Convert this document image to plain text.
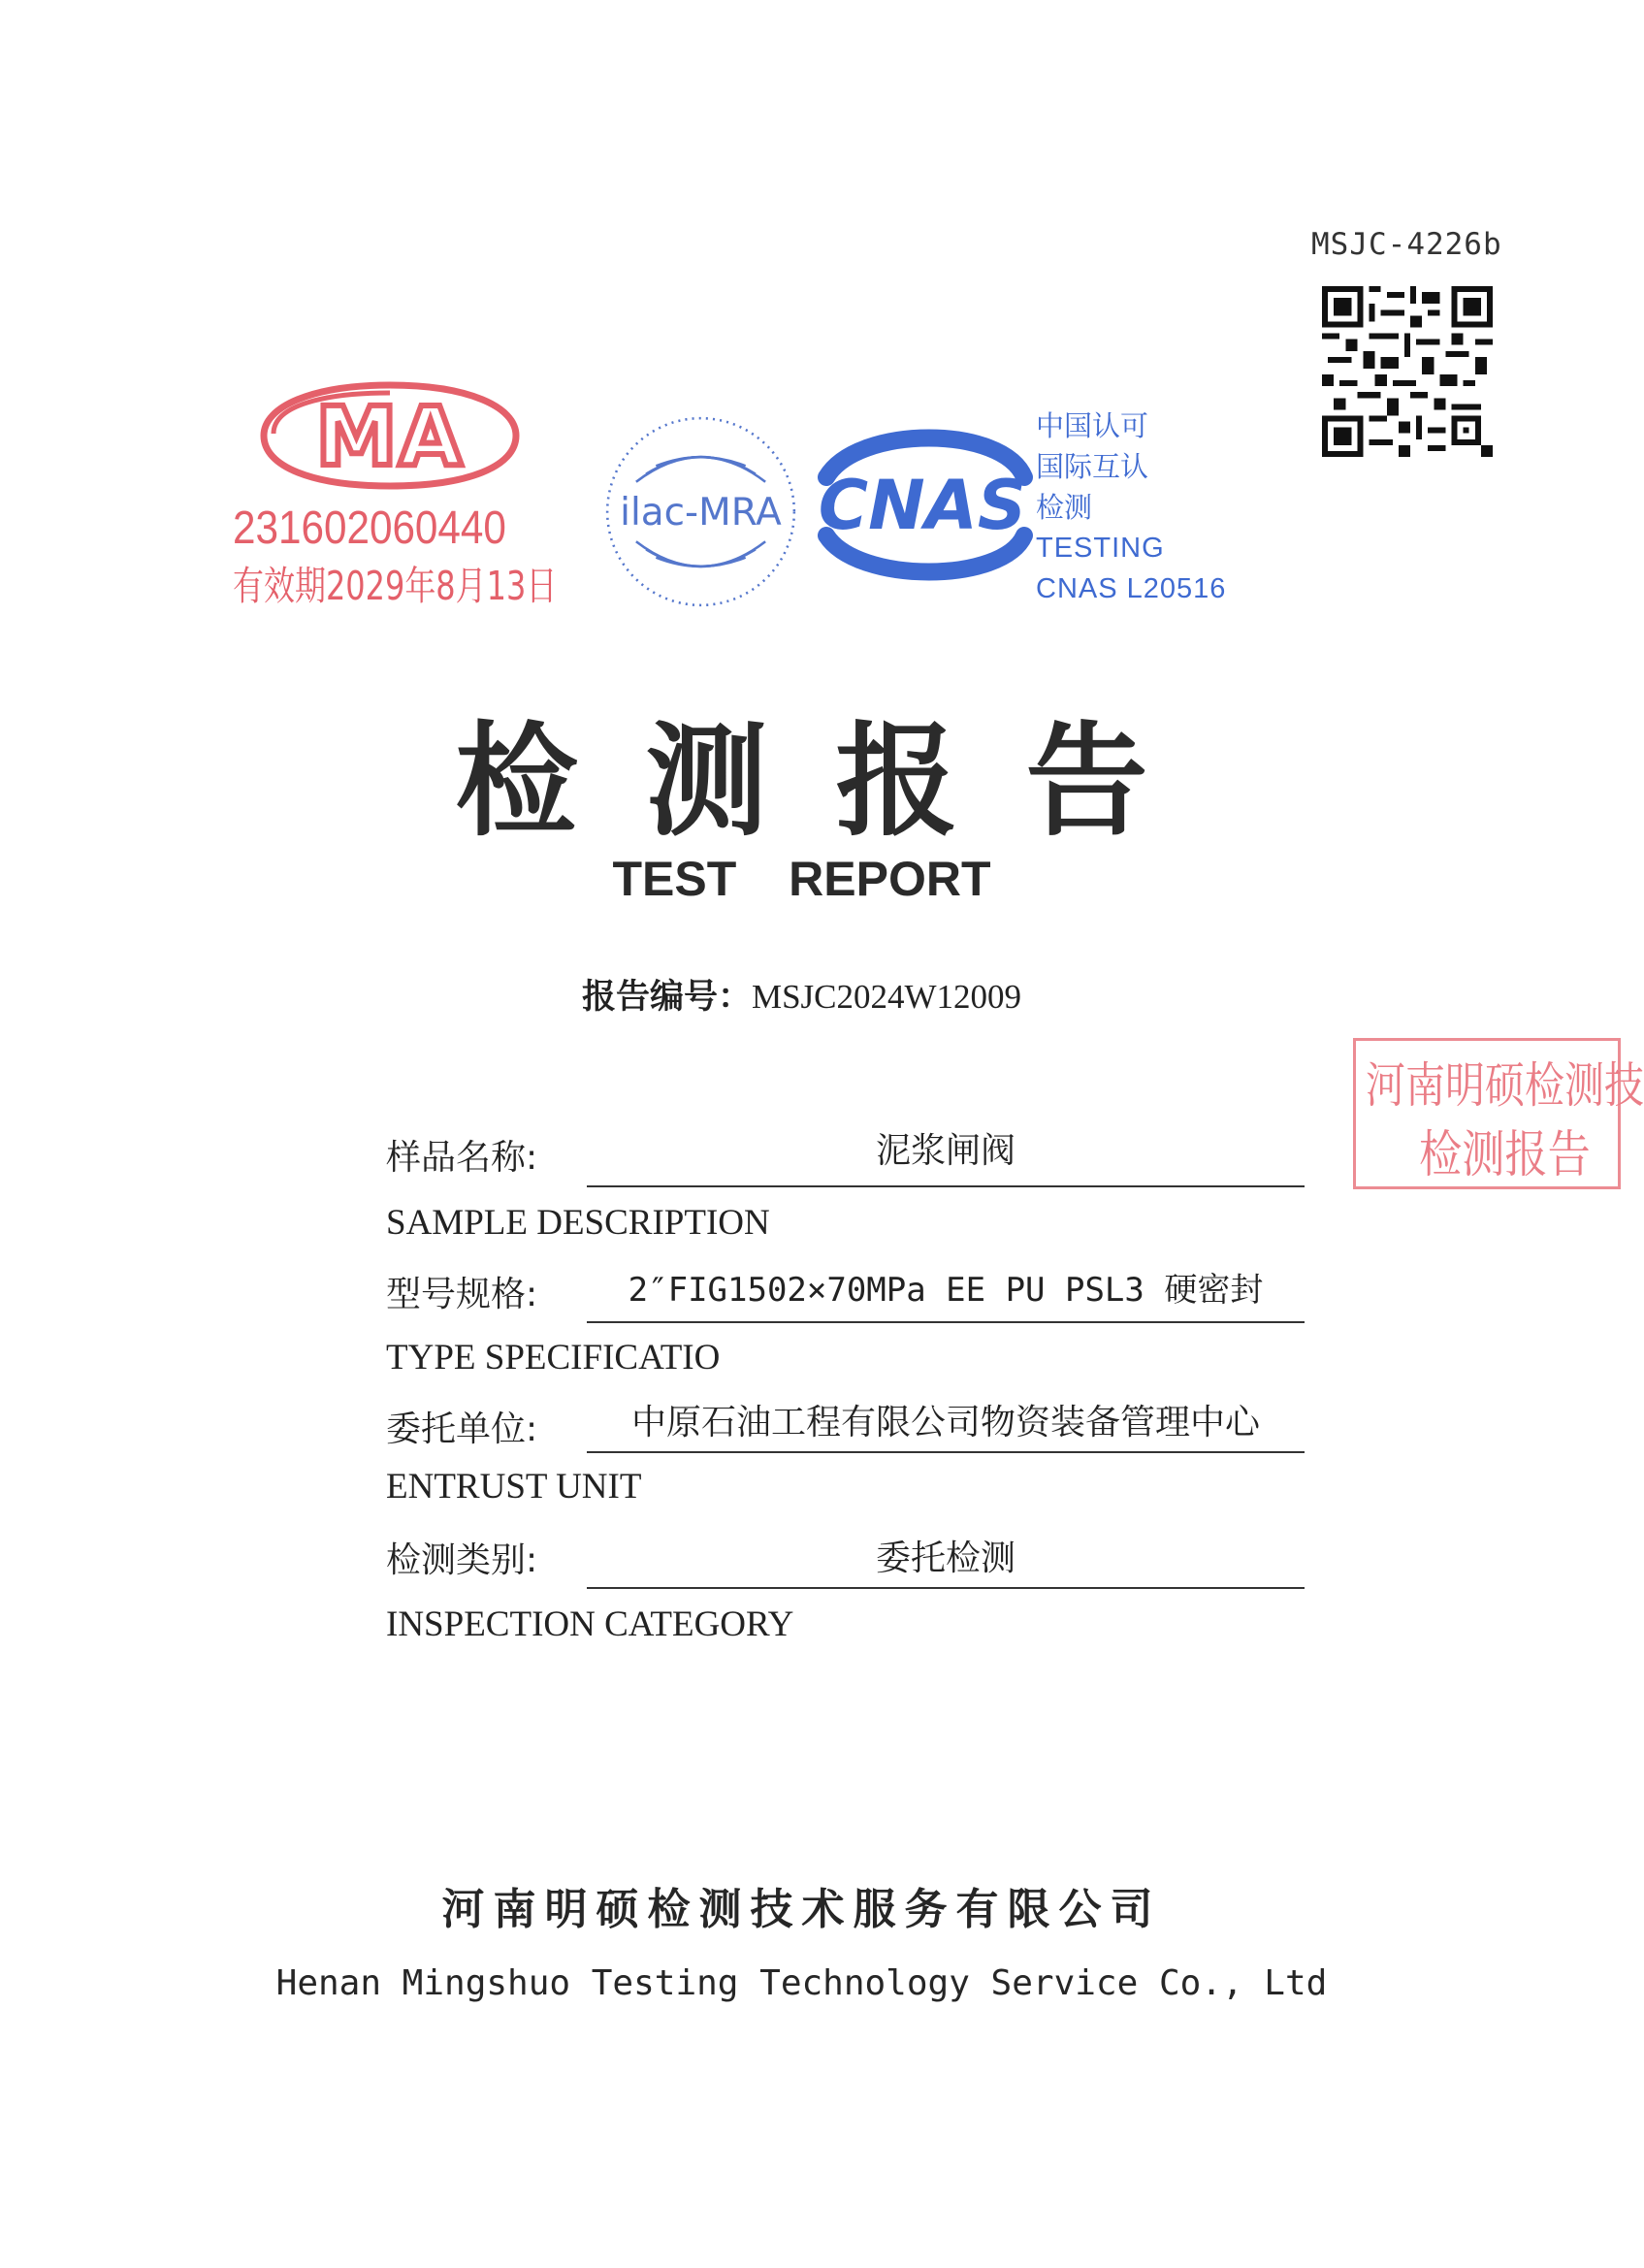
MSJC-4226b
MA
231602060440
有效期2029年8月13日
ilac-MRA CNAS
中国认可
国际互认
检测
TESTING
CNAS L20516
检测报告
TEST REPORT
报告编号：MSJC2024W12009
河南明硕检测技
检测报告
样品名称:	泥浆闸阀
SAMPLE DESCRIPTION
型号规格:	2″FIG1502×70MPa EE PU PSL3 硬密封
TYPE SPECIFICATIO
委托单位:	中原石油工程有限公司物资装备管理中心
ENTRUST UNIT
检测类别:	委托检测
INSPECTION CATEGORY
河南明硕检测技术服务有限公司
Henan Mingshuo Testing Technology Service Co., Ltd
